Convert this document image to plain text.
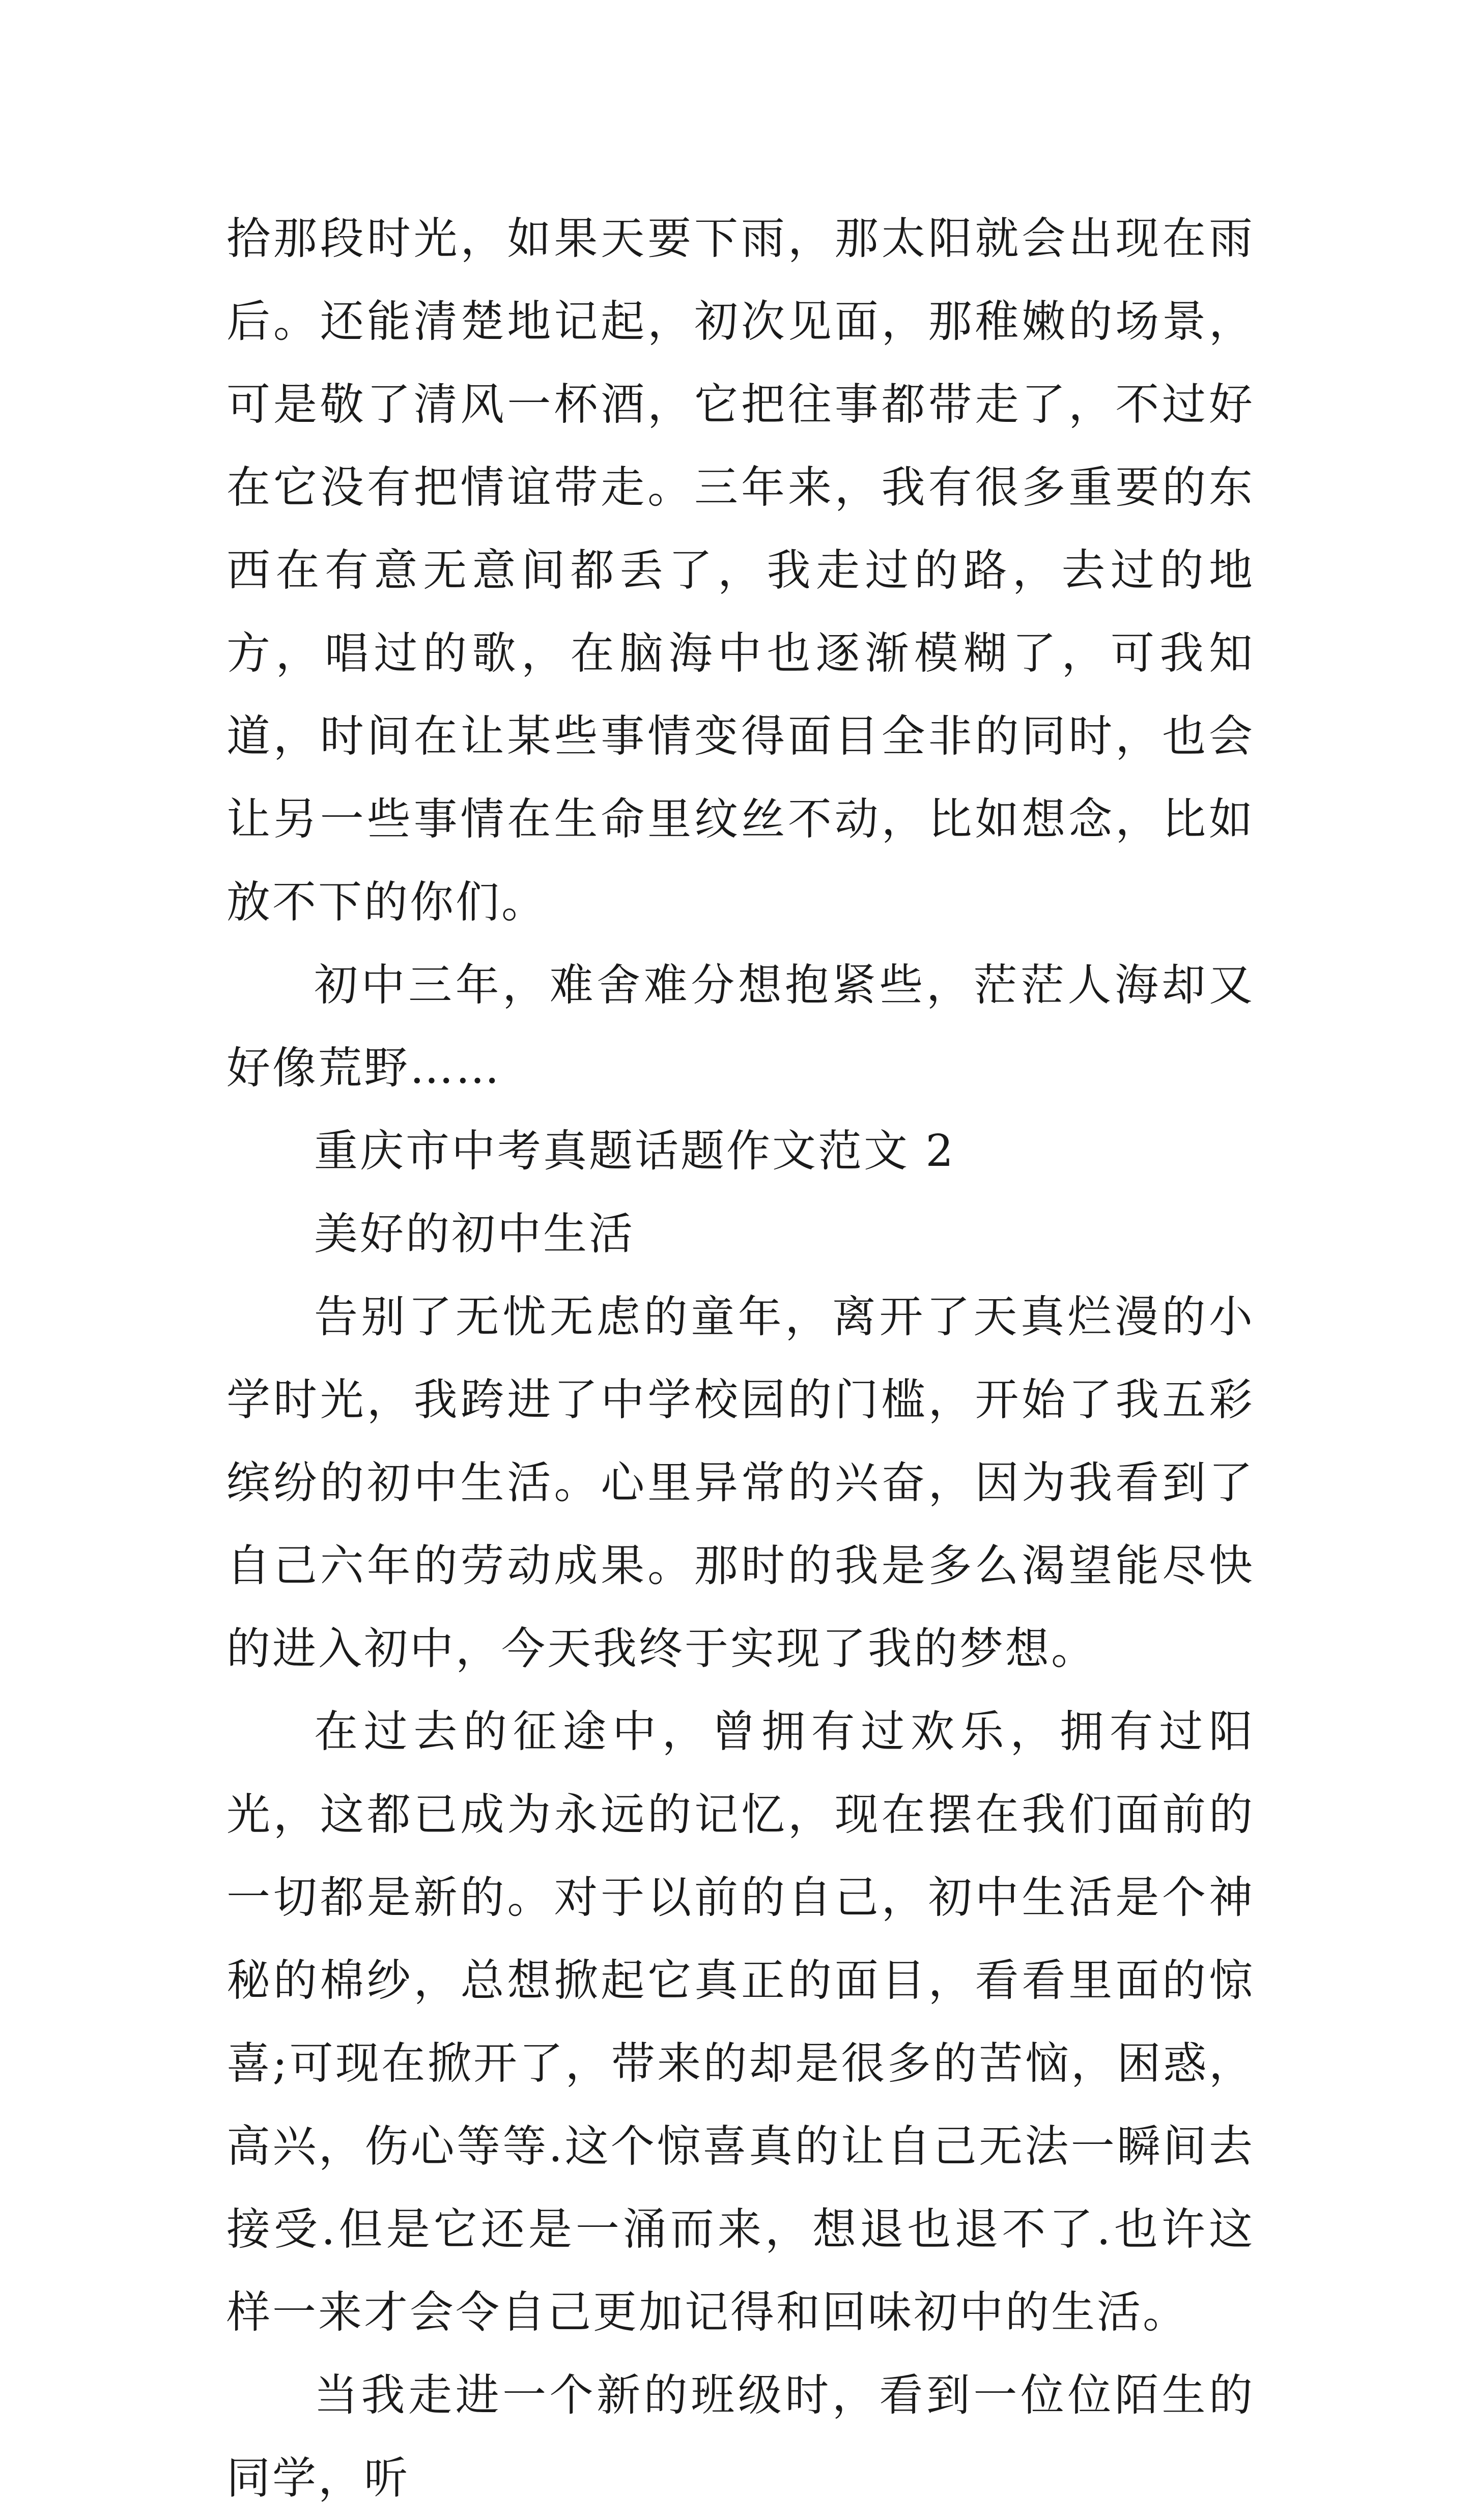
拾那段时光，如果天要下雨，那太阳就会出现在雨后。还能清楚地记起，初次见面，那稚嫩的场景，可是敬了清风一杯酒，它把往事都带走了，不过好在它没有把情谊带走。三年来，我有很多重要的东西在有意无意间都丢了，我走过的路，去过的地方，唱过的歌，在脑海中也逐渐模糊了，可我知道，时间在让某些事情变得面目全非的同时，也会让另一些事情在生命里纹丝不动，比如想念，比如放不下的你们。

初中三年，难舍难分想抱紧些，茫茫人海却又好像荒野……

重庆市中考真题话题作文范文 2

美好的初中生活

告别了无忧无虑的童年，离开了天真烂漫的小学时光，我跨进了中学校园的门槛，开始了我五彩缤纷的初中生活。心里异常的兴奋，因为我看到了自己六年的劳动成果。那时的我是多么渴望能尽快的进入初中，今天我终于实现了我的梦想。

在过去的征途中，曾拥有过欢乐，拥有过阳光，这都已成为永远的记忆，现在摆在我们面前的一切都是新的。对于以前的自己，初中生活是个神秘的棉纱，总想掀起它真正的面目，看看里面的惊喜;可现在掀开了，带来的却是很多的苦恼，困惑，高兴，伤心等等.这个惊喜真的让自己无法一瞬间去接受.但是它还是一涌而来，想退也退不了.也许这样一来才会令自己更加记得和回味初中的生活。

当我走进一个新的班级时，看到一位位陌生的同学，听
